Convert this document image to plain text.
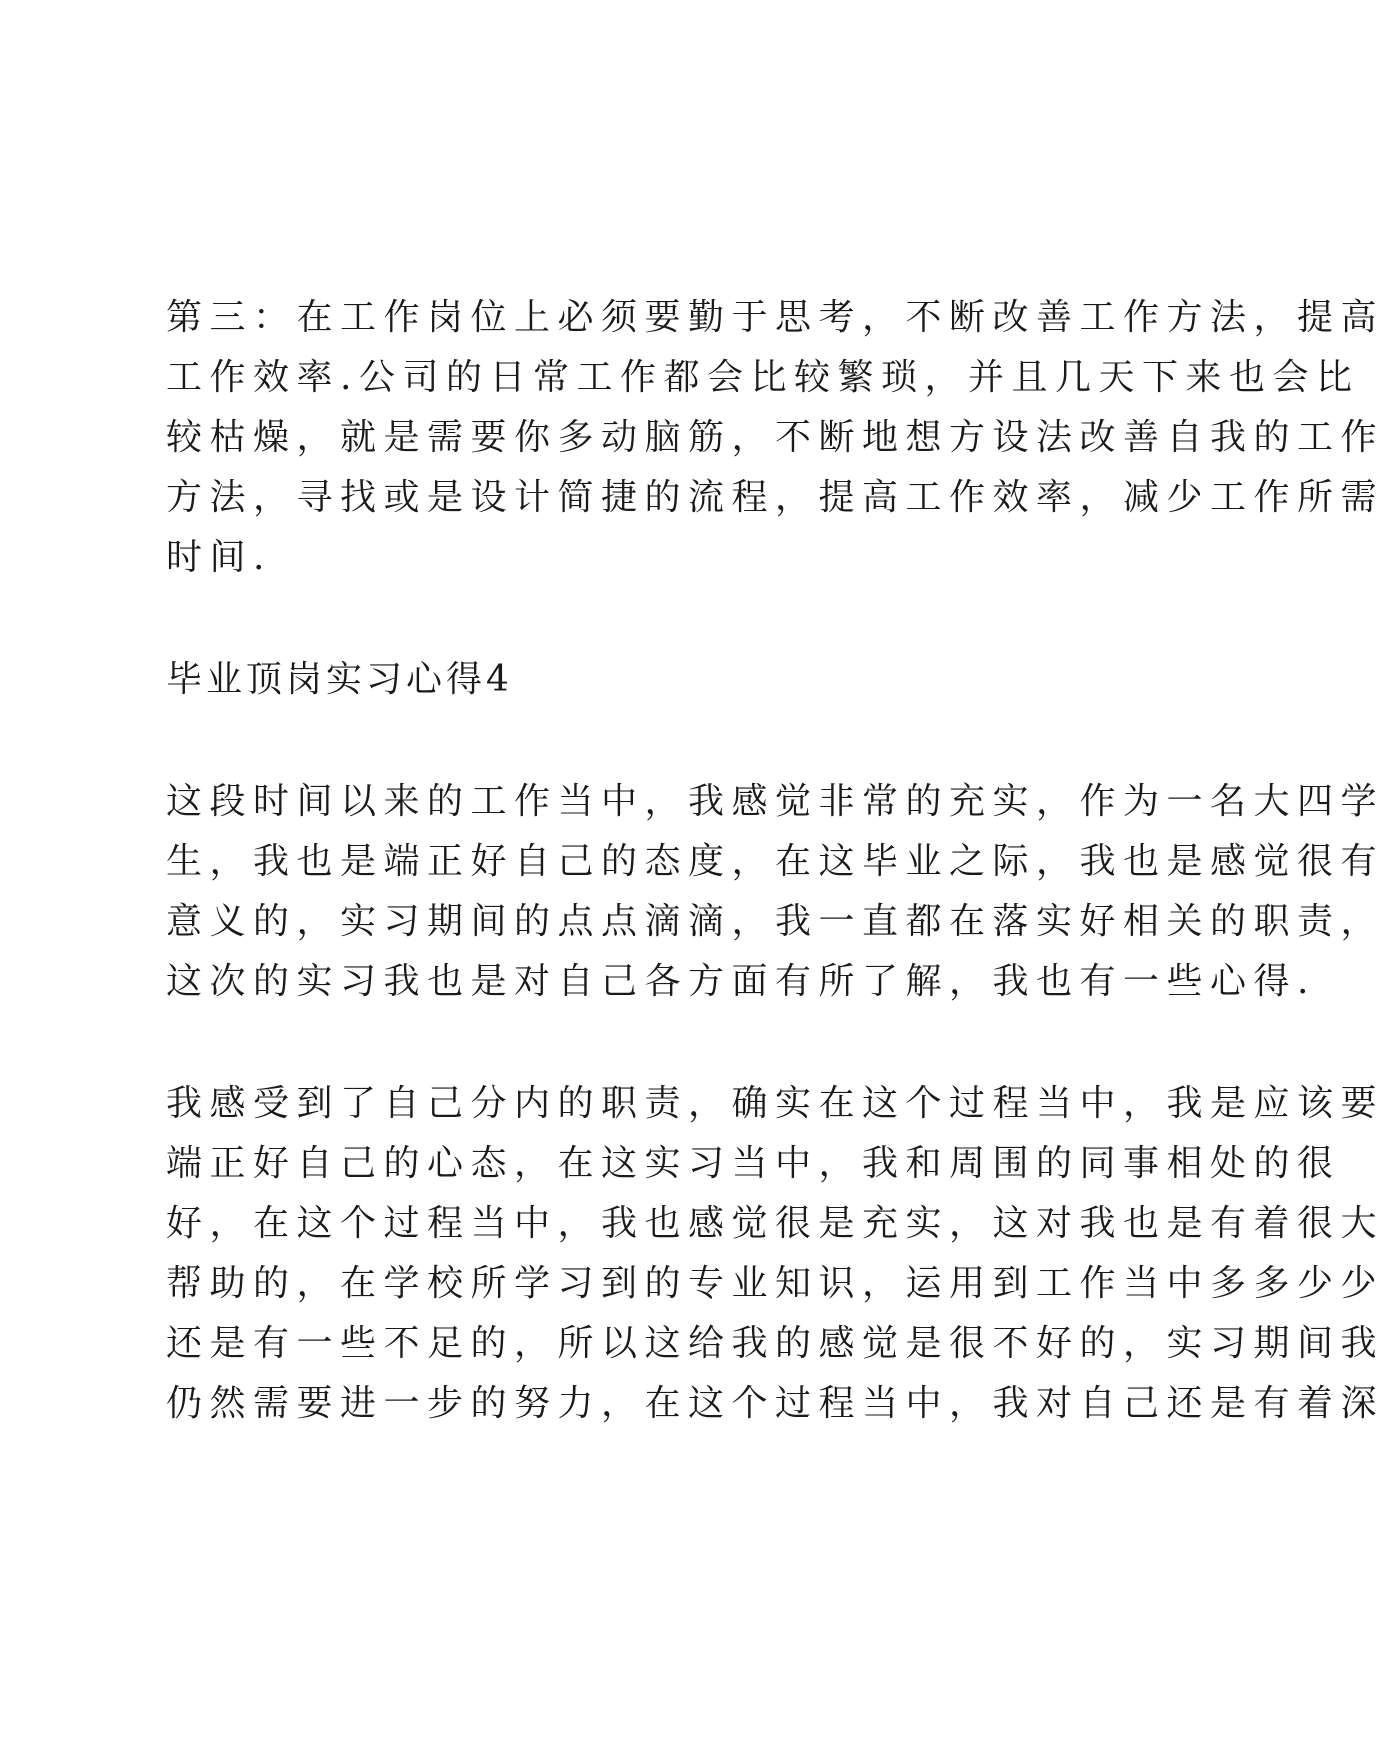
第三：在工作岗位上必须要勤于思考，不断改善工作方法，提高
工作效率.公司的日常工作都会比较繁琐，并且几天下来也会比
较枯燥，就是需要你多动脑筋，不断地想方设法改善自我的工作
方法，寻找或是设计简捷的流程，提高工作效率，减少工作所需
时间.
毕业顶岗实习心得4
这段时间以来的工作当中，我感觉非常的充实，作为一名大四学
生，我也是端正好自己的态度，在这毕业之际，我也是感觉很有
意义的，实习期间的点点滴滴，我一直都在落实好相关的职责，
这次的实习我也是对自己各方面有所了解，我也有一些心得.
我感受到了自己分内的职责，确实在这个过程当中，我是应该要
端正好自己的心态，在这实习当中，我和周围的同事相处的很
好，在这个过程当中，我也感觉很是充实，这对我也是有着很大
帮助的，在学校所学习到的专业知识，运用到工作当中多多少少
还是有一些不足的，所以这给我的感觉是很不好的，实习期间我
仍然需要进一步的努力，在这个过程当中，我对自己还是有着深
